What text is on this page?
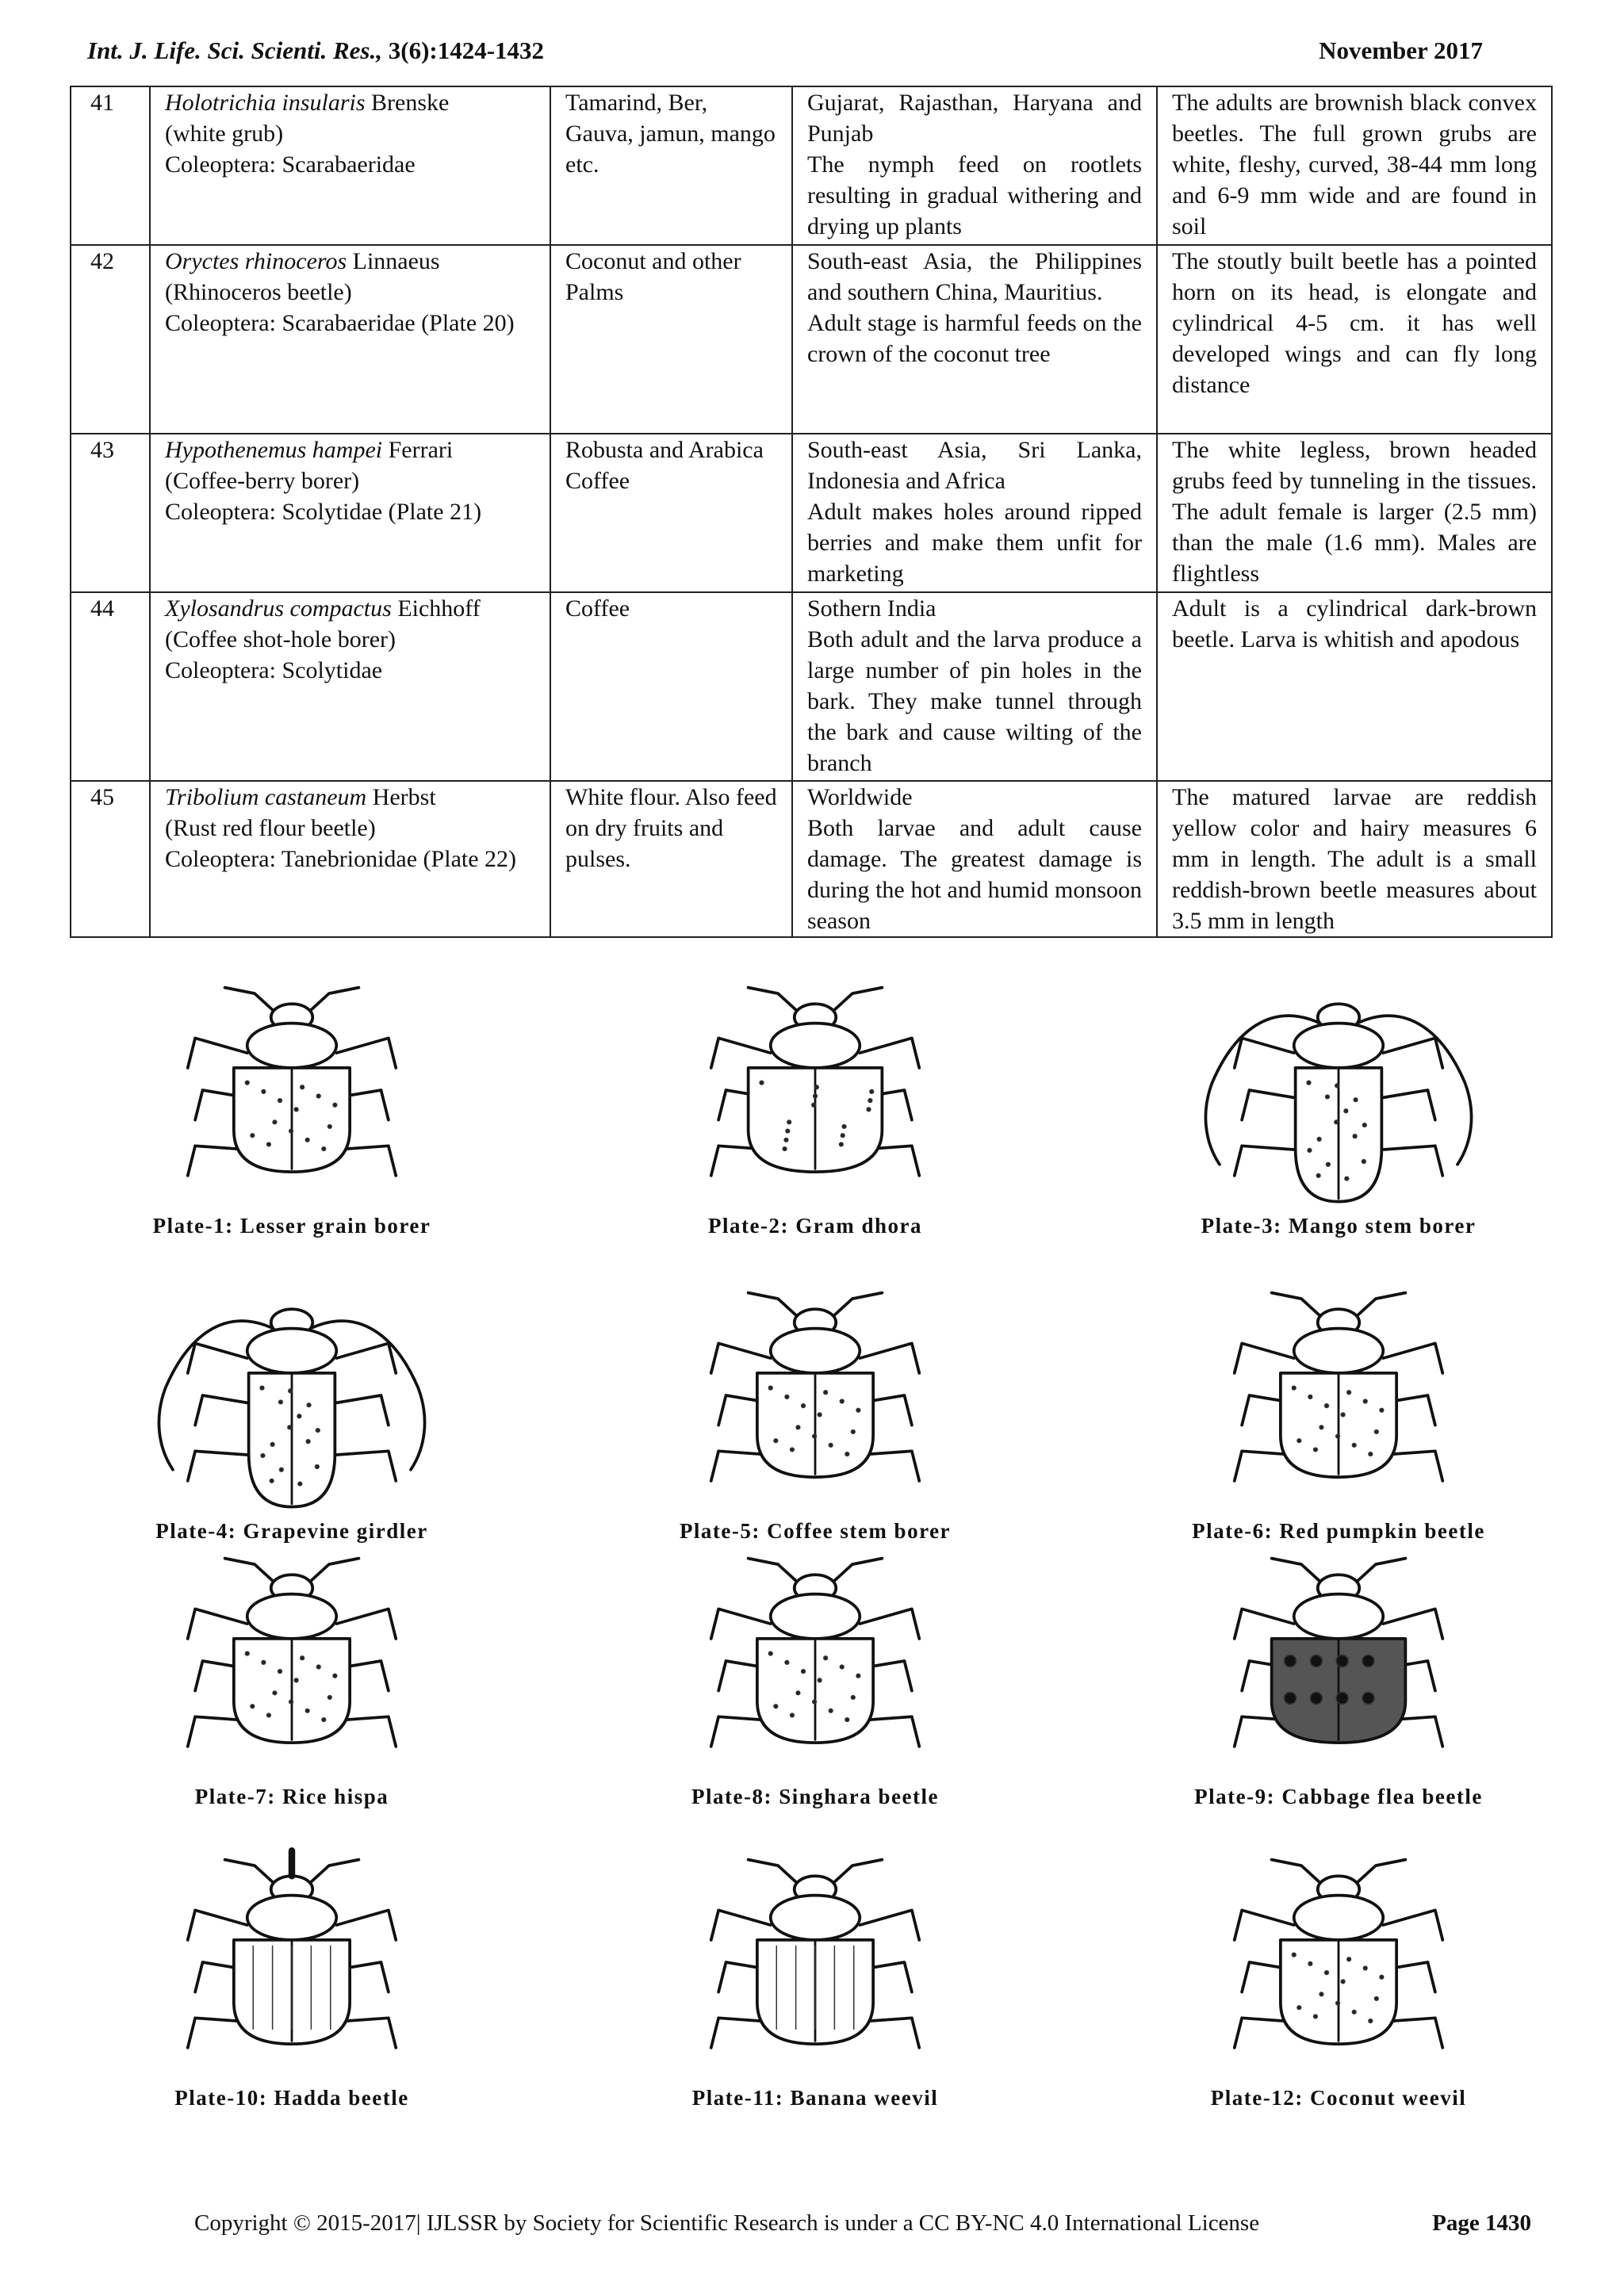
Int. J. Life. Sci. Scienti. Res., 3(6):1424-1432	November 2017
41	Holotrichia insularis Brenske
(white grub)
Coleoptera: Scarabaeridae	Tamarind, Ber, Gauva, jamun, mango etc.	Gujarat, Rajasthan, Haryana and Punjab
The nymph feed on rootlets resulting in gradual withering and drying up plants	The adults are brownish black convex beetles. The full grown grubs are white, fleshy, curved, 38-44 mm long and 6-9 mm wide and are found in soil
42	Oryctes rhinoceros Linnaeus
(Rhinoceros beetle)
Coleoptera: Scarabaeridae (Plate 20)	Coconut and other Palms	South-east Asia, the Philippines and southern China, Mauritius.
Adult stage is harmful feeds on the crown of the coconut tree	The stoutly built beetle has a pointed horn on its head, is elongate and cylindrical 4-5 cm. it has well developed wings and can fly long distance
43	Hypothenemus hampei Ferrari
(Coffee-berry borer)
Coleoptera: Scolytidae (Plate 21)	Robusta and Arabica Coffee	South-east Asia, Sri Lanka, Indonesia and Africa
Adult makes holes around ripped berries and make them unfit for marketing	The white legless, brown headed grubs feed by tunneling in the tissues. The adult female is larger (2.5 mm) than the male (1.6 mm). Males are flightless
44	Xylosandrus compactus Eichhoff
(Coffee shot-hole borer)
Coleoptera: Scolytidae	Coffee	Sothern India
Both adult and the larva produce a large number of pin holes in the bark. They make tunnel through the bark and cause wilting of the branch	Adult is a cylindrical dark-brown beetle. Larva is whitish and apodous
45	Tribolium castaneum Herbst
(Rust red flour beetle)
Coleoptera: Tanebrionidae (Plate 22)	White flour. Also feed on dry fruits and pulses.	Worldwide
Both larvae and adult cause damage. The greatest damage is during the hot and humid monsoon season	The matured larvae are reddish yellow color and hairy measures 6 mm in length. The adult is a small reddish-brown beetle measures about 3.5 mm in length
Plate-1: Lesser grain borer	Plate-2: Gram dhora	Plate-3: Mango stem borer
Plate-4: Grapevine girdler	Plate-5: Coffee stem borer	Plate-6: Red pumpkin beetle
Plate-7: Rice hispa	Plate-8: Singhara beetle	Plate-9: Cabbage flea beetle
Plate-10: Hadda beetle	Plate-11: Banana weevil	Plate-12: Coconut weevil
Copyright © 2015-2017| IJLSSR by Society for Scientific Research is under a CC BY-NC 4.0 International License	Page 1430
